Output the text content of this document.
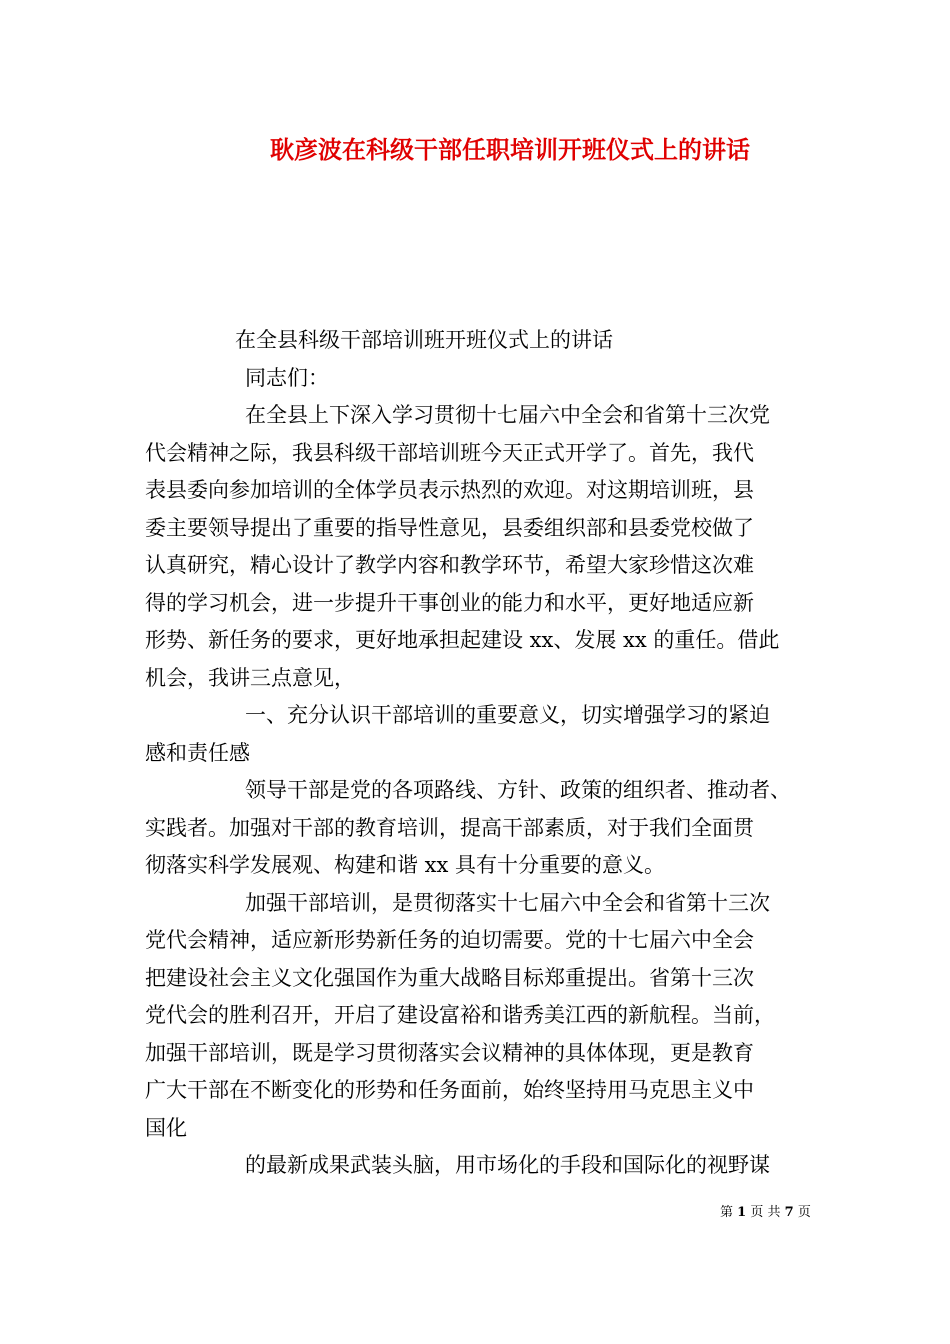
耿彦波在科级干部任职培训开班仪式上的讲话
在全县科级干部培训班开班仪式上的讲话
同志们：
在全县上下深入学习贯彻十七届六中全会和省第十三次党
代会精神之际，我县科级干部培训班今天正式开学了。首先，我代
表县委向参加培训的全体学员表示热烈的欢迎。对这期培训班，县
委主要领导提出了重要的指导性意见，县委组织部和县委党校做了
认真研究，精心设计了教学内容和教学环节，希望大家珍惜这次难
得的学习机会，进一步提升干事创业的能力和水平，更好地适应新
形势、新任务的要求，更好地承担起建设 xx、发展 xx 的重任。借此
机会，我讲三点意见，
一、充分认识干部培训的重要意义，切实增强学习的紧迫
感和责任感
领导干部是党的各项路线、方针、政策的组织者、推动者、
实践者。加强对干部的教育培训，提高干部素质，对于我们全面贯
彻落实科学发展观、构建和谐 xx 具有十分重要的意义。
加强干部培训，是贯彻落实十七届六中全会和省第十三次
党代会精神，适应新形势新任务的迫切需要。党的十七届六中全会
把建设社会主义文化强国作为重大战略目标郑重提出。省第十三次
党代会的胜利召开，开启了建设富裕和谐秀美江西的新航程。当前，
加强干部培训，既是学习贯彻落实会议精神的具体体现，更是教育
广大干部在不断变化的形势和任务面前，始终坚持用马克思主义中
国化
的最新成果武装头脑，用市场化的手段和国际化的视野谋
第 1 页 共 7 页
